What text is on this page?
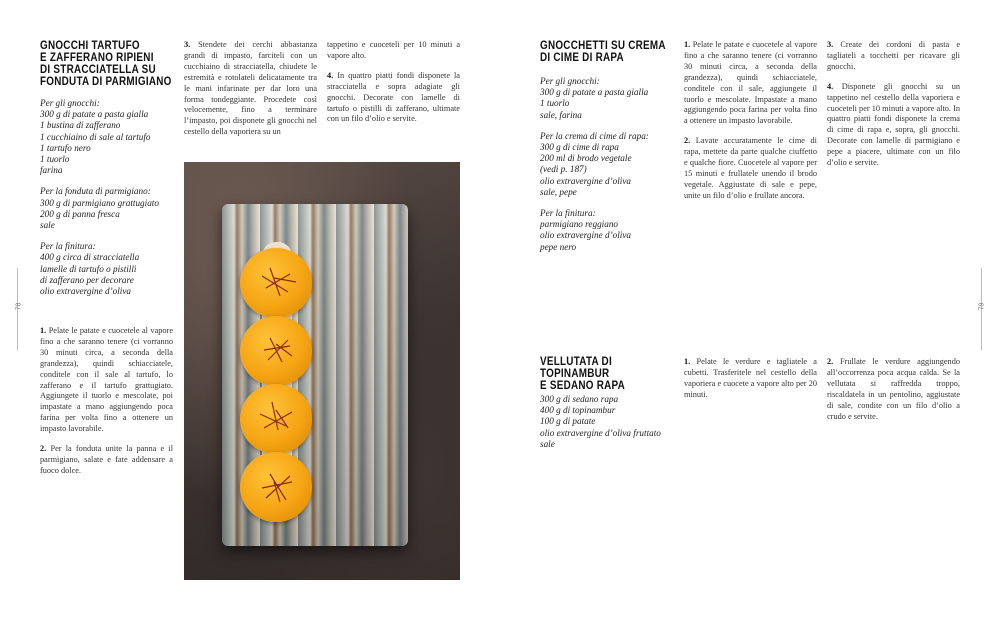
78
GNOCCHI TARTUFO
E ZAFFERANO RIPIENI
DI STRACCIATELLA SU
FONDUTA DI PARMIGIANO
Per gli gnocchi:
300 g di patate a pasta gialla
1 bustina di zafferano
1 cucchiaino di sale al tartufo
1 tartufo nero
1 tuorlo
farina
Per la fonduta di parmigiano:
300 g di parmigiano grattugiato
200 g di panna fresca
sale
Per la finitura:
400 g circa di stracciatella
lamelle di tartufo o pistilli
di zafferano per decorare
olio extravergine d’oliva

1. Pelate le patate e cuocetele al vapore fino a che saranno tenere (ci vorranno 30 minuti circa, a seconda della grandezza), quindi schiacciatele, conditele con il sale al tartufo, lo zafferano e il tartufo grattugiato. Aggiungete il tuorlo e mescolate, poi impastate a mano aggiungendo poca farina per volta fino a ottenere un impasto lavorabile.

2. Per la fonduta unite la panna e il parmigiano, salate e fate addensare a fuoco dolce.

3. Stendete dei cerchi abbastanza grandi di impasto, farciteli con un cucchiaino di stracciatella, chiudete le estremità e rotolateli delicatamente tra le mani infarinate per dar loro una forma tondeggiante. Procedete così velocemente, fino a terminare l’impasto, poi disponete gli gnocchi nel cestello della vaporiera su un

tappetino e cuoceteli per 10 minuti a vapore alto.

4. In quattro piatti fondi disponete la stracciatella e sopra adagiate gli gnocchi. Decorate con lamelle di tartufo o pistilli di zafferano, ultimate con un filo d’olio e servite.

79
GNOCCHETTI SU CREMA
DI CIME DI RAPA
Per gli gnocchi:
300 g di patate a pasta gialla
1 tuorlo
sale, farina
Per la crema di cime di rapa:
300 g di cime di rapa
200 ml di brodo vegetale
(vedi p. 187)
olio extravergine d’oliva
sale, pepe
Per la finitura:
parmigiano reggiano
olio extravergine d’oliva
pepe nero

1. Pelate le patate e cuocetele al vapore fino a che saranno tenere (ci vorranno 30 minuti circa, a seconda della grandezza), quindi schiacciatele, conditele con il sale, aggiungete il tuorlo e mescolate. Impastate a mano aggiungendo poca farina per volta fino a ottenere un impasto lavorabile.

2. Lavate accuratamente le cime di rapa, mettete da parte qualche ciuffetto e qualche fiore. Cuocetele al vapore per 15 minuti e frullatele unendo il brodo vegetale. Aggiustate di sale e pepe, unite un filo d’olio e frullate ancora.

3. Create dei cordoni di pasta e tagliateli a tocchetti per ricavare gli gnocchi.

4. Disponete gli gnocchi su un tappetino nel cestello della vaporiera e cuoceteli per 10 minuti a vapore alto. In quattro piatti fondi disponete la crema di cime di rapa e, sopra, gli gnocchi. Decorate con lamelle di parmigiano e pepe a piacere, ultimate con un filo d’olio e servite.

VELLUTATA DI TOPINAMBUR
E SEDANO RAPA
300 g di sedano rapa
400 g di topinambur
100 g di patate
olio extravergine d’oliva fruttato
sale

1. Pelate le verdure e tagliatele a cubetti. Trasferitele nel cestello della vaporiera e cuocete a vapore alto per 20 minuti.

2. Frullate le verdure aggiungendo all’occorrenza poca acqua calda. Se la vellutata si raffredda troppo, riscaldatela in un pentolino, aggiustate di sale, condite con un filo d’olio a crudo e servite.
